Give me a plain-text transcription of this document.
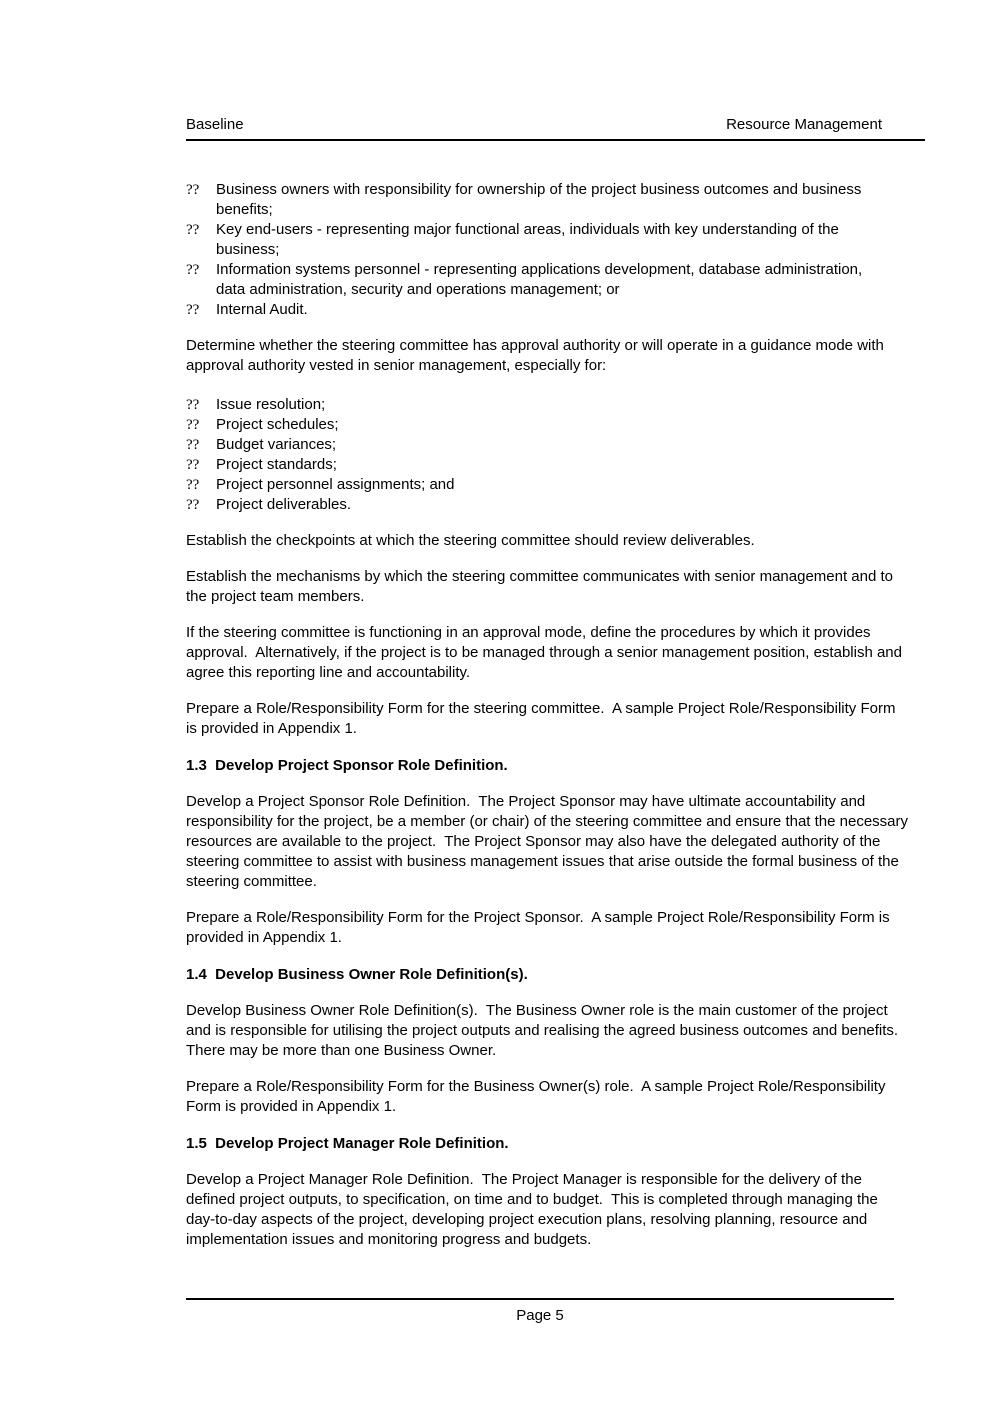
Baseline	Resource Management
??	Business owners with responsibility for ownership of the project business outcomes and business benefits;
??	Key end-users - representing major functional areas, individuals with key understanding of the business;
??	Information systems personnel - representing applications development, database administration, data administration, security and operations management; or
??	Internal Audit.

Determine whether the steering committee has approval authority or will operate in a guidance mode with approval authority vested in senior management, especially for:

??	Issue resolution;
??	Project schedules;
??	Budget variances;
??	Project standards;
??	Project personnel assignments; and
??	Project deliverables.

Establish the checkpoints at which the steering committee should review deliverables.

Establish the mechanisms by which the steering committee communicates with senior management and to the project team members.

If the steering committee is functioning in an approval mode, define the procedures by which it provides approval.  Alternatively, if the project is to be managed through a senior management position, establish and agree this reporting line and accountability.

Prepare a Role/Responsibility Form for the steering committee.  A sample Project Role/Responsibility Form is provided in Appendix 1.

1.3  Develop Project Sponsor Role Definition.

Develop a Project Sponsor Role Definition.  The Project Sponsor may have ultimate accountability and responsibility for the project, be a member (or chair) of the steering committee and ensure that the necessary resources are available to the project.  The Project Sponsor may also have the delegated authority of the steering committee to assist with business management issues that arise outside the formal business of the steering committee.

Prepare a Role/Responsibility Form for the Project Sponsor.  A sample Project Role/Responsibility Form is provided in Appendix 1.

1.4  Develop Business Owner Role Definition(s).

Develop Business Owner Role Definition(s).  The Business Owner role is the main customer of the project and is responsible for utilising the project outputs and realising the agreed business outcomes and benefits.  There may be more than one Business Owner.

Prepare a Role/Responsibility Form for the Business Owner(s) role.  A sample Project Role/Responsibility Form is provided in Appendix 1.

1.5  Develop Project Manager Role Definition.

Develop a Project Manager Role Definition.  The Project Manager is responsible for the delivery of the defined project outputs, to specification, on time and to budget.  This is completed through managing the day-to-day aspects of the project, developing project execution plans, resolving planning, resource and implementation issues and monitoring progress and budgets.

Page 5
